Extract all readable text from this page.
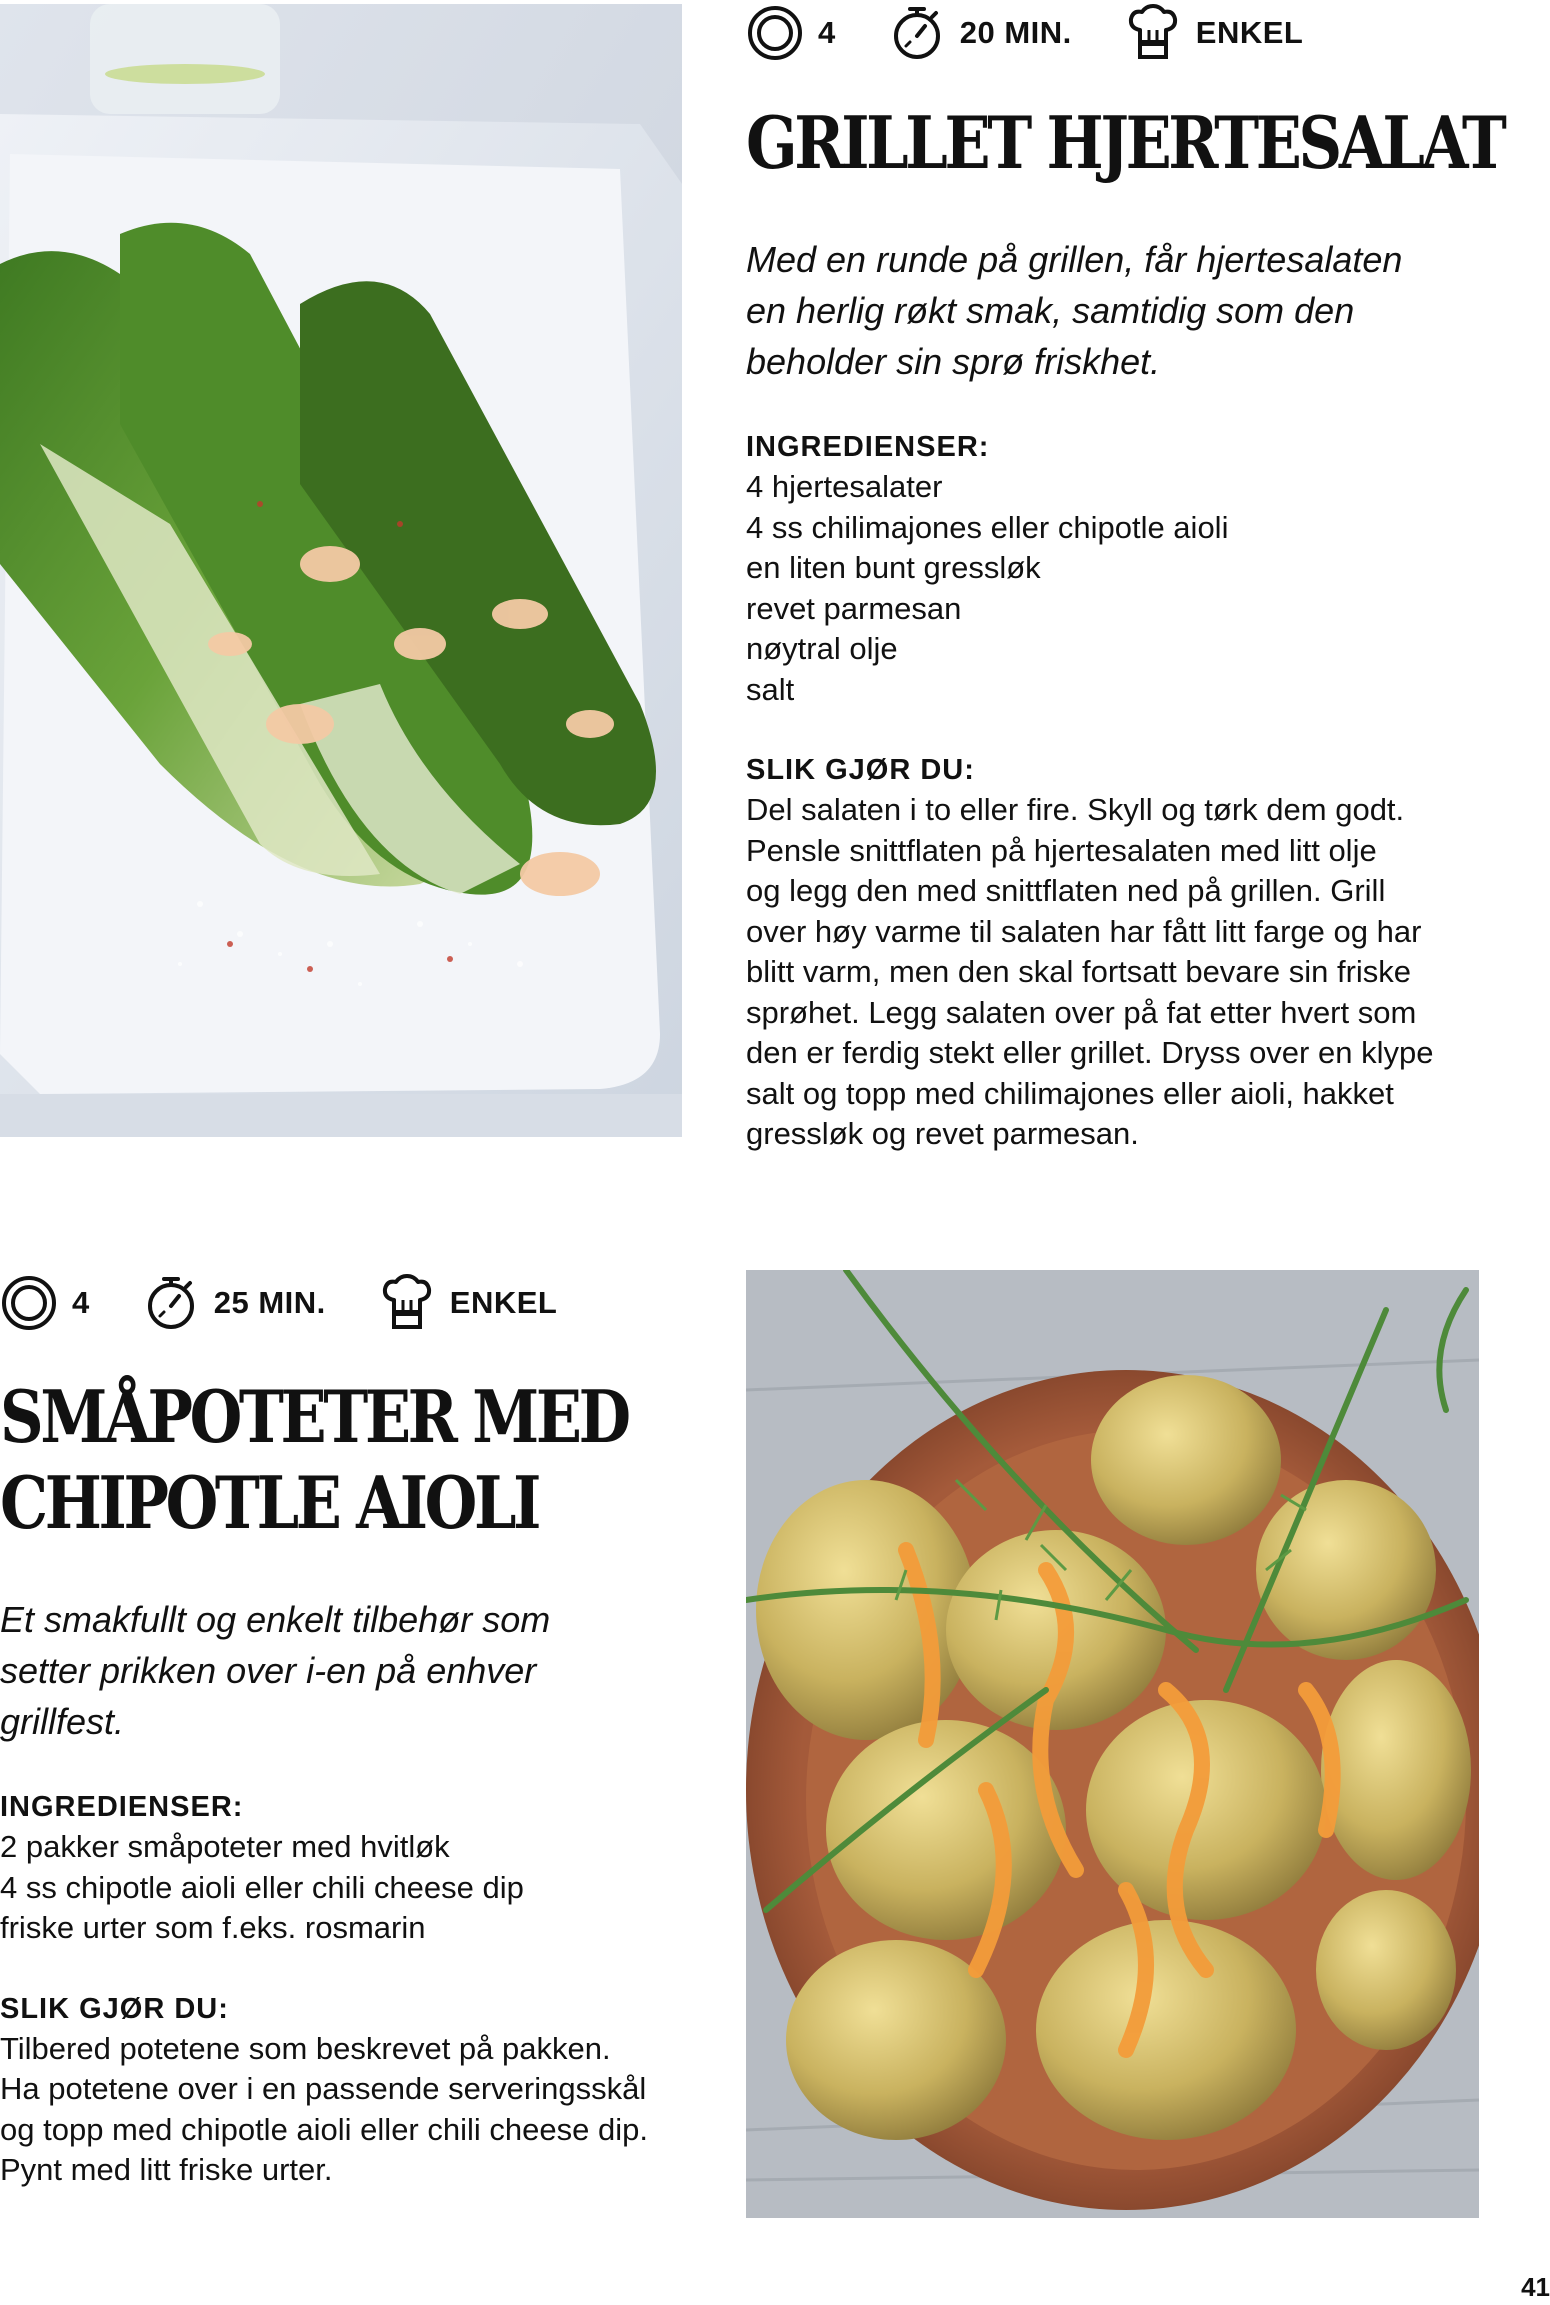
4	20 MIN.	ENKEL
GRILLET HJERTESALAT

Med en runde på grillen, får hjertesalaten
en herlig røkt smak, samtidig som den
beholder sin sprø friskhet.

INGREDIENSER:

4 hjertesalater
4 ss chilimajones eller chipotle aioli
en liten bunt gressløk
revet parmesan
nøytral olje
salt

SLIK GJØR DU:

Del salaten i to eller fire. Skyll og tørk dem godt.
Pensle snittflaten på hjertesalaten med litt olje
og legg den med snittflaten ned på grillen. Grill
over høy varme til salaten har fått litt farge og har
blitt varm, men den skal fortsatt bevare sin friske
sprøhet. Legg salaten over på fat etter hvert som
den er ferdig stekt eller grillet. Dryss over en klype
salt og topp med chilimajones eller aioli, hakket
gressløk og revet parmesan.

4	25 MIN.	ENKEL
SMÅPOTETER MED
CHIPOTLE AIOLI

Et smakfullt og enkelt tilbehør som
setter prikken over i-en på enhver
grillfest.

INGREDIENSER:

2 pakker småpoteter med hvitløk
4 ss chipotle aioli eller chili cheese dip
friske urter som f.eks. rosmarin

SLIK GJØR DU:

Tilbered potetene som beskrevet på pakken.
Ha potetene over i en passende serveringsskål
og topp med chipotle aioli eller chili cheese dip.
Pynt med litt friske urter.

41
